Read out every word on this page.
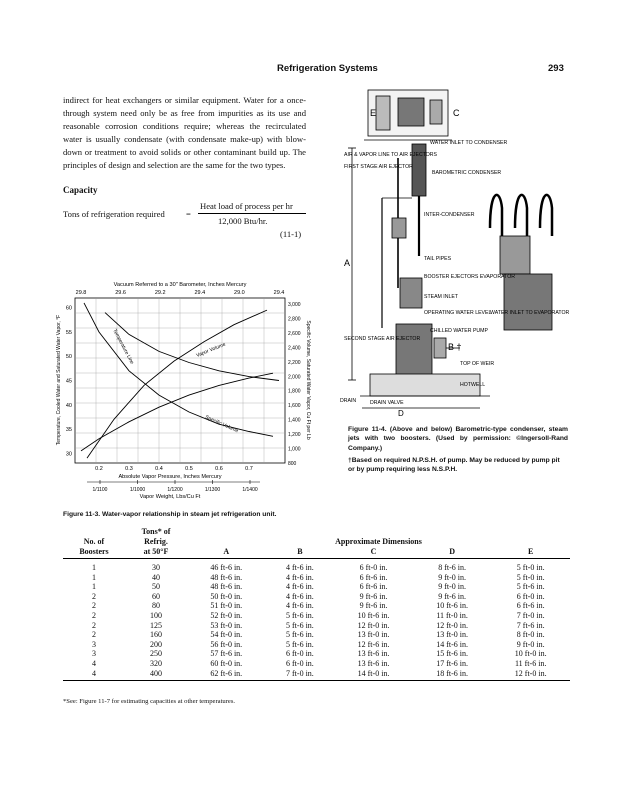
Refrigeration Systems	293
indirect for heat exchangers or similar equipment. Water for a once-through system need only be as free from impurities as its use and reasonable corrosion conditions require; whereas the recirculated water is usually condensate (with condensate make-up) with blow-down or treatment to avoid solids or other contaminant build up. The principles of design and selection are the same for the two types.
Capacity
Tons of refrigeration required =
Heat load of process per hr
12,000 Btu/hr.
(11-1)
Vacuum Referred to a 30" Barometer, Inches Mercury
29.8	29.6	29.2	29.4	29.0	29.4
60
55
50
45
40
35
30
3,000
2,800
2,600
2,400
2,200
2,000
1,800
1,600
1,400
1,200
1,000
800
0.2	0.3	0.4	0.5	0.6	0.7
Temperature, Cooled Water and Saturated Water Vapor, °F	Specific Volume, Saturated Water Vapor, Cu Ft per Lb
Absolute Vapor Pressure, Inches Mercury
1/1100	1/1000	1/1200	1/1300	1/1400
Vapor Weight, Lbs/Cu Ft
Temperature Line	Vapor Volume
Specific Volume
Figure 11-3. Water-vapor relationship in steam jet refrigeration unit.
E	C
A
B †
D
WATER INLET TO CONDENSER
AIR & VAPOR LINE TO AIR EJECTORS
FIRST STAGE AIR EJECTOR
BAROMETRIC CONDENSER
INTER-CONDENSER
TAIL PIPES
BOOSTER EJECTORS EVAPORATOR
STEAM INLET
OPERATING WATER LEVEL
WATER INLET TO EVAPORATOR
SECOND STAGE AIR EJECTOR
CHILLED WATER PUMP
TOP OF WEIR
HOTWELL
DRAIN	DRAIN VALVE
Figure 11-4. (Above and below) Barometric-type condenser, steam jets with two boosters. (Used by permission: ©Ingersoll-Rand Company.)
†Based on required N.P.S.H. of pump. May be reduced by pump pit or by pump requiring less N.S.P.H.
	Tons* of					
No. of	Refrig.	Approximate Dimensions				
Boosters	at 50°F	A	B	C	D	E
1	30	46 ft-6 in.	4 ft-6 in.	6 ft-0 in.	8 ft-6 in.	5 ft-0 in.
1	40	48 ft-6 in.	4 ft-6 in.	6 ft-6 in.	9 ft-0 in.	5 ft-0 in.
1	50	48 ft-6 in.	4 ft-6 in.	6 ft-6 in.	9 ft-0 in.	5 ft-6 in.
2	60	50 ft-0 in.	4 ft-6 in.	9 ft-6 in.	9 ft-6 in.	6 ft-0 in.
2	80	51 ft-0 in.	4 ft-6 in.	9 ft-6 in.	10 ft-6 in.	6 ft-6 in.
2	100	52 ft-0 in.	5 ft-6 in.	10 ft-6 in.	11 ft-0 in.	7 ft-0 in.
2	125	53 ft-0 in.	5 ft-6 in.	12 ft-0 in.	12 ft-0 in.	7 ft-6 in.
2	160	54 ft-0 in.	5 ft-6 in.	13 ft-0 in.	13 ft-0 in.	8 ft-0 in.
3	200	56 ft-0 in.	5 ft-6 in.	12 ft-6 in.	14 ft-6 in.	9 ft-0 in.
3	250	57 ft-6 in.	6 ft-0 in.	13 ft-6 in.	15 ft-6 in.	10 ft-0 in.
4	320	60 ft-0 in.	6 ft-0 in.	13 ft-6 in.	17 ft-6 in.	11 ft-6 in.
4	400	62 ft-6 in.	7 ft-0 in.	14 ft-0 in.	18 ft-6 in.	12 ft-0 in.
*See: Figure 11-7 for estimating capacities at other temperatures.
